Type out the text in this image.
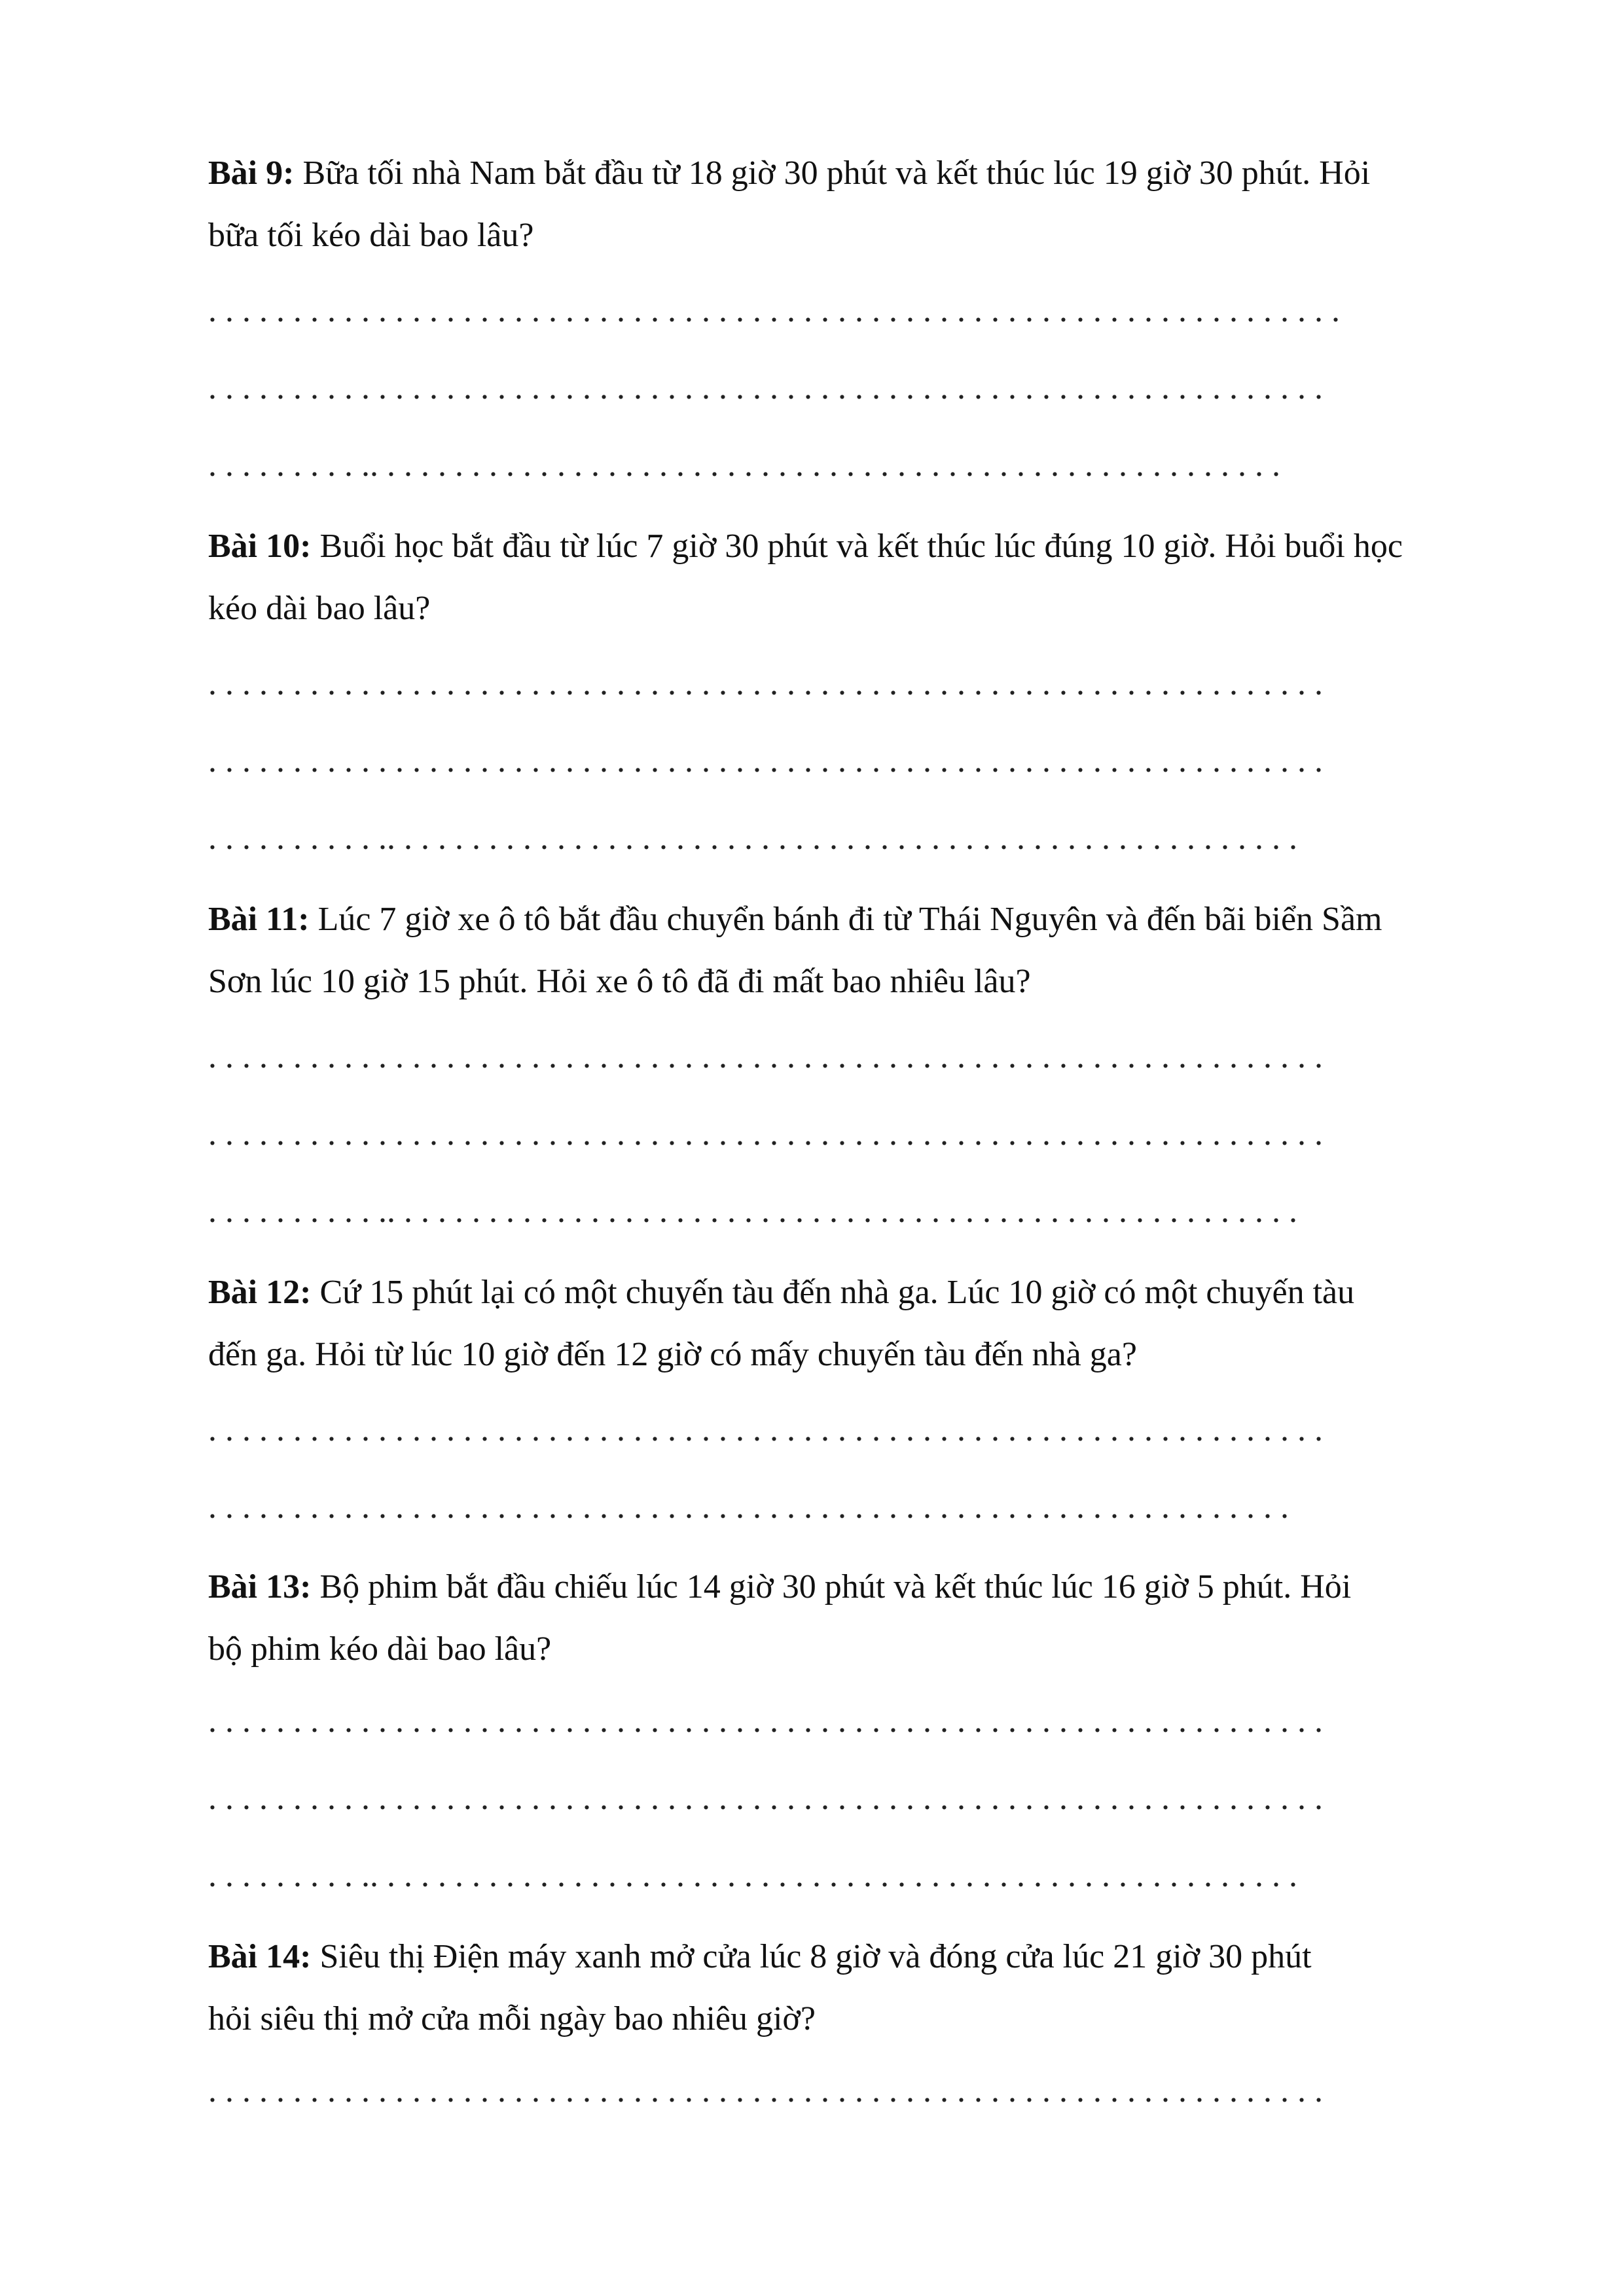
Bài 9: Bữa tối nhà Nam bắt đầu từ 18 giờ 30 phút và kết thúc lúc 19 giờ 30 phút. Hỏi
bữa tối kéo dài bao lâu?
. . . . . . . . . . . . . . . . . . . . . . . . . . . . . . . . . . . . . . . . . . . . . . . . . . . . . . . . . . . . . . . . . . .
. . . . . . . . . . . . . . . . . . . . . . . . . . . . . . . . . . . . . . . . . . . . . . . . . . . . . . . . . . . . . . . . . .
. . . . . . . . . .. . . . . . . . . . . . . . . . . . . . . . . . . . . . . . . . . . . . . . . . . . . . . . . . . . . . . .
Bài 10: Buổi học bắt đầu từ lúc 7 giờ 30 phút và kết thúc lúc đúng 10 giờ. Hỏi buổi học
kéo dài bao lâu?
. . . . . . . . . . . . . . . . . . . . . . . . . . . . . . . . . . . . . . . . . . . . . . . . . . . . . . . . . . . . . . . . . .
. . . . . . . . . . . . . . . . . . . . . . . . . . . . . . . . . . . . . . . . . . . . . . . . . . . . . . . . . . . . . . . . . .
. . . . . . . . . . .. . . . . . . . . . . . . . . . . . . . . . . . . . . . . . . . . . . . . . . . . . . . . . . . . . . . . .
Bài 11: Lúc 7 giờ xe ô tô bắt đầu chuyển bánh đi từ Thái Nguyên và đến bãi biển Sầm
Sơn lúc 10 giờ 15 phút. Hỏi xe ô tô đã đi mất bao nhiêu lâu?
. . . . . . . . . . . . . . . . . . . . . . . . . . . . . . . . . . . . . . . . . . . . . . . . . . . . . . . . . . . . . . . . . .
. . . . . . . . . . . . . . . . . . . . . . . . . . . . . . . . . . . . . . . . . . . . . . . . . . . . . . . . . . . . . . . . . .
. . . . . . . . . . .. . . . . . . . . . . . . . . . . . . . . . . . . . . . . . . . . . . . . . . . . . . . . . . . . . . . . .
Bài 12: Cứ 15 phút lại có một chuyến tàu đến nhà ga. Lúc 10 giờ có một chuyến tàu
đến ga. Hỏi từ lúc 10 giờ đến 12 giờ có mấy chuyến tàu đến nhà ga?
. . . . . . . . . . . . . . . . . . . . . . . . . . . . . . . . . . . . . . . . . . . . . . . . . . . . . . . . . . . . . . . . . .
. . . . . . . . . . . . . . . . . . . . . . . . . . . . . . . . . . . . . . . . . . . . . . . . . . . . . . . . . . . . . . . .
Bài 13: Bộ phim bắt đầu chiếu lúc 14 giờ 30 phút và kết thúc lúc 16 giờ 5 phút. Hỏi
bộ phim kéo dài bao lâu?
. . . . . . . . . . . . . . . . . . . . . . . . . . . . . . . . . . . . . . . . . . . . . . . . . . . . . . . . . . . . . . . . . .
. . . . . . . . . . . . . . . . . . . . . . . . . . . . . . . . . . . . . . . . . . . . . . . . . . . . . . . . . . . . . . . . . .
. . . . . . . . . .. . . . . . . . . . . . . . . . . . . . . . . . . . . . . . . . . . . . . . . . . . . . . . . . . . . . . . .
Bài 14: Siêu thị Điện máy xanh mở cửa lúc 8 giờ và đóng cửa lúc 21 giờ 30 phút
hỏi siêu thị mở cửa mỗi ngày bao nhiêu giờ?
. . . . . . . . . . . . . . . . . . . . . . . . . . . . . . . . . . . . . . . . . . . . . . . . . . . . . . . . . . . . . . . . . .
